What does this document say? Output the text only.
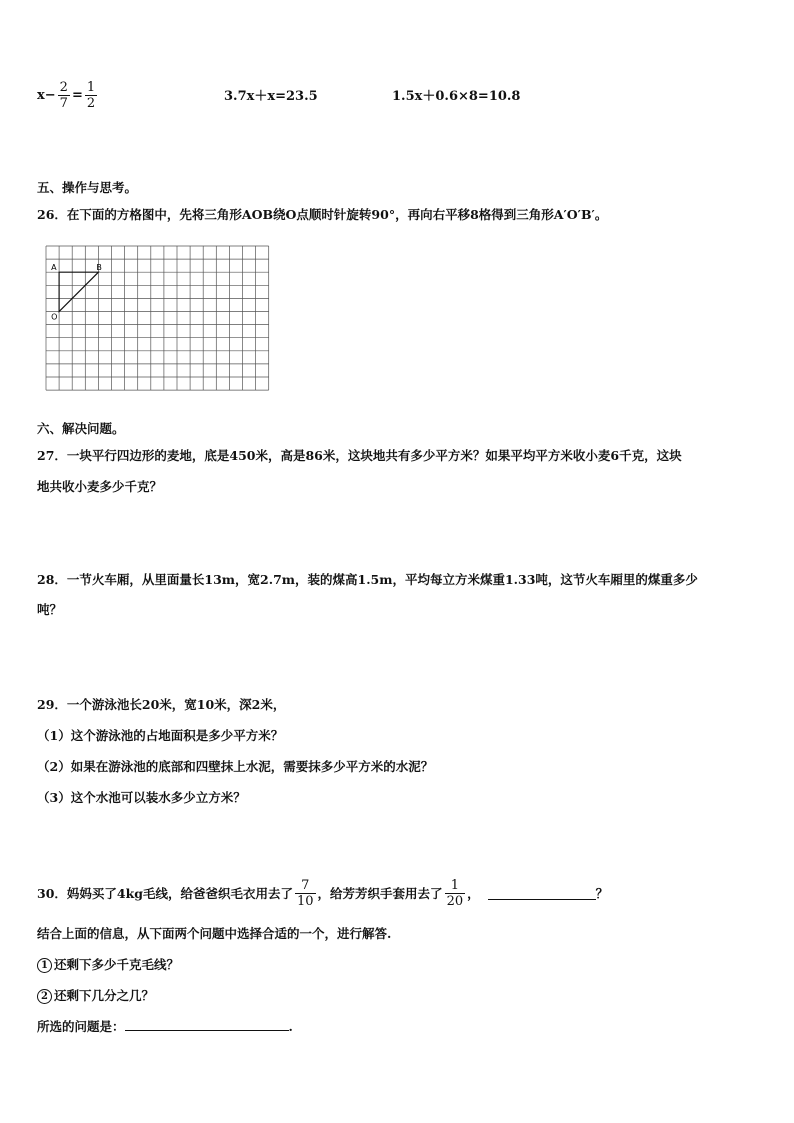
$x- \frac{2}{7} = \frac{1}{2}$	3.7x＋x=23.5	1.5x＋0.6×8=10.8
五、操作与思考。
26．在下面的方格图中，先将三角形AOB绕O点顺时针旋转90°，再向右平移8格得到三角形A′O′B′。
A	B
O
六、解决问题。
27．一块平行四边形的麦地，底是450米，高是86米，这块地共有多少平方米？如果平均平方米收小麦6千克，这块
地共收小麦多少千克？
28．一节火车厢，从里面量长13m，宽2.7m，装的煤高1.5m，平均每立方米煤重1.33吨，这节火车厢里的煤重多少
吨？
29．一个游泳池长20米，宽10米，深2米，
（1）这个游泳池的占地面积是多少平方米？
（2）如果在游泳池的底部和四壁抹上水泥，需要抹多少平方米的水泥？
（3）这个水池可以装水多少立方米？
30．妈妈买了4kg毛线，给爸爸织毛衣用去了 $\frac{7}{10}$ ，给芳芳织手套用去了 $\frac{1}{20}$ ，	？
结合上面的信息，从下面两个问题中选择合适的一个，进行解答.
1 还剩下多少千克毛线？
2 还剩下几分之几？
所选的问题是：	.
